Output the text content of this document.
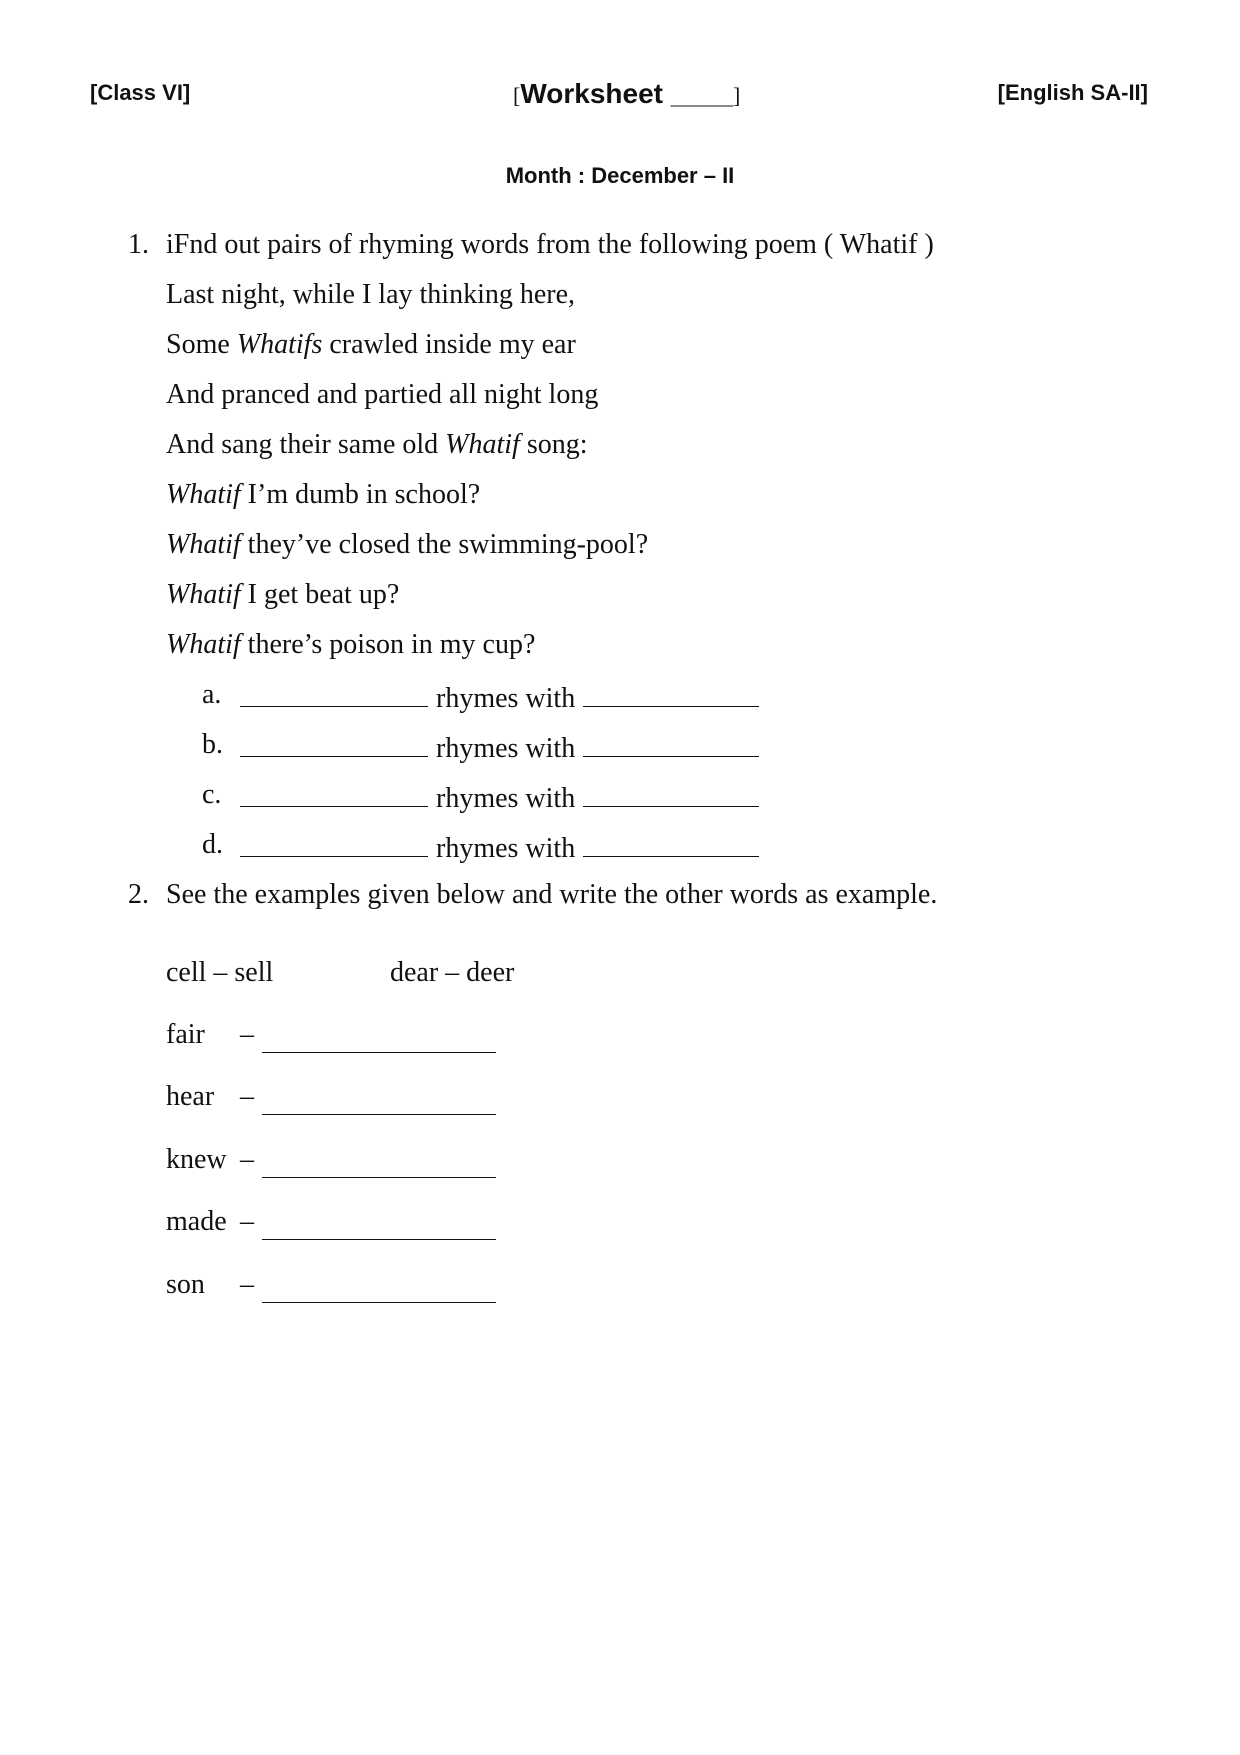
[Class VI]	[Worksheet ____]	[English SA-II]
Month : December – II
1. iFnd out pairs of rhyming words from the following poem ( Whatif )
Last night, while I lay thinking here,
Some Whatifs crawled inside my ear
And pranced and partied all night long
And sang their same old Whatif song:
Whatif I’m dumb in school?
Whatif they’ve closed the swimming-pool?
Whatif I get beat up?
Whatif there’s poison in my cup?
a.	rhymes with
b.	rhymes with
c.	rhymes with
d.	rhymes with
2. See the examples given below and write the other words as example.
cell – sell	dear – deer
fair –
hear –
knew –
made –
son –
